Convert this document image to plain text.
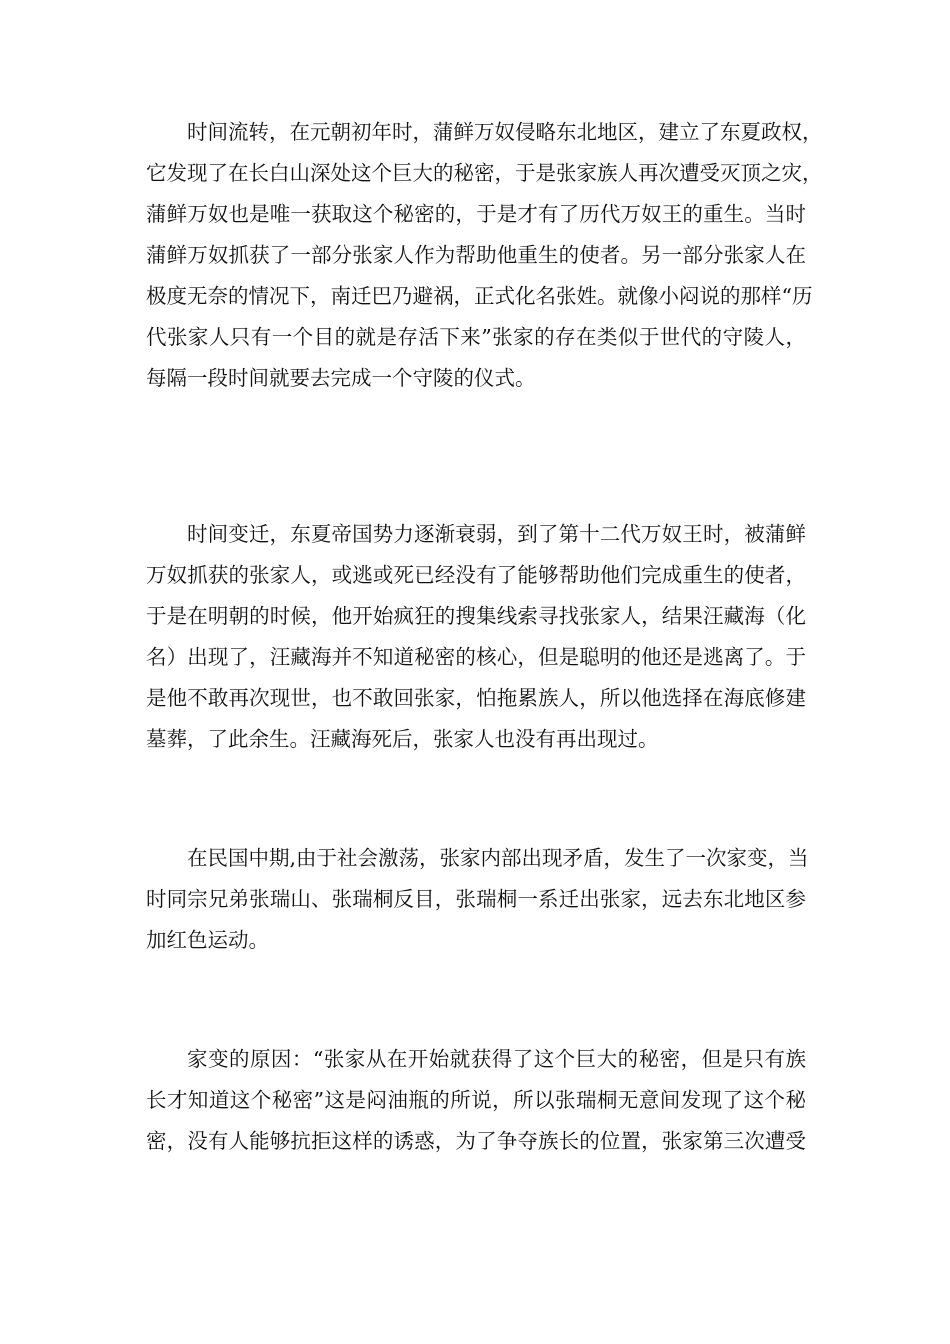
时间流转，在元朝初年时，蒲鲜万奴侵略东北地区，建立了东夏政权，
它发现了在长白山深处这个巨大的秘密，于是张家族人再次遭受灭顶之灾，
蒲鲜万奴也是唯一获取这个秘密的，于是才有了历代万奴王的重生。当时
蒲鲜万奴抓获了一部分张家人作为帮助他重生的使者。另一部分张家人在
极度无奈的情况下，南迁巴乃避祸，正式化名张姓。就像小闷说的那样“历
代张家人只有一个目的就是存活下来”张家的存在类似于世代的守陵人，
每隔一段时间就要去完成一个守陵的仪式。
时间变迁，东夏帝国势力逐渐衰弱，到了第十二代万奴王时，被蒲鲜
万奴抓获的张家人，或逃或死已经没有了能够帮助他们完成重生的使者，
于是在明朝的时候，他开始疯狂的搜集线索寻找张家人，结果汪藏海（化
名）出现了，汪藏海并不知道秘密的核心，但是聪明的他还是逃离了。于
是他不敢再次现世，也不敢回张家，怕拖累族人，所以他选择在海底修建
墓葬，了此余生。汪藏海死后，张家人也没有再出现过。
在民国中期,由于社会激荡，张家内部出现矛盾，发生了一次家变，当
时同宗兄弟张瑞山、张瑞桐反目，张瑞桐一系迁出张家，远去东北地区参
加红色运动。
家变的原因：“张家从在开始就获得了这个巨大的秘密，但是只有族
长才知道这个秘密”这是闷油瓶的所说，所以张瑞桐无意间发现了这个秘
密，没有人能够抗拒这样的诱惑，为了争夺族长的位置，张家第三次遭受
